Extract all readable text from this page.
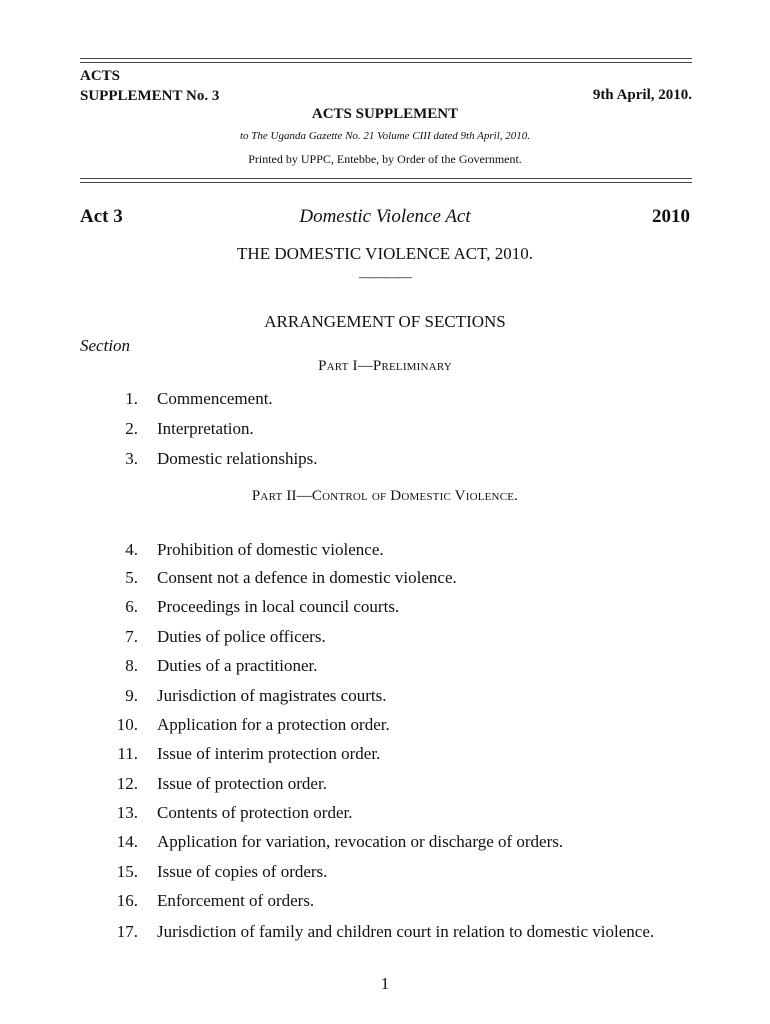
ACTS
SUPPLEMENT No. 3	9th April, 2010.
ACTS SUPPLEMENT
to The Uganda Gazette No. 21 Volume CIII dated 9th April, 2010.
Printed by UPPC, Entebbe, by Order of the Government.
Act 3	Domestic Violence Act	2010
THE DOMESTIC VIOLENCE ACT, 2010.
————
ARRANGEMENT OF SECTIONS
Section
Part I—Preliminary
1. Commencement.
2. Interpretation.
3. Domestic relationships.
Part II—Control of Domestic Violence.
4. Prohibition of domestic violence.
5. Consent not a defence in domestic violence.
6. Proceedings in local council courts.
7. Duties of police officers.
8. Duties of a practitioner.
9. Jurisdiction of magistrates courts.
10. Application for a protection order.
11. Issue of interim protection order.
12. Issue of protection order.
13. Contents of protection order.
14. Application for variation, revocation or discharge of orders.
15. Issue of copies of orders.
16. Enforcement of orders.
17. Jurisdiction of family and children court in relation to domestic violence.
1
